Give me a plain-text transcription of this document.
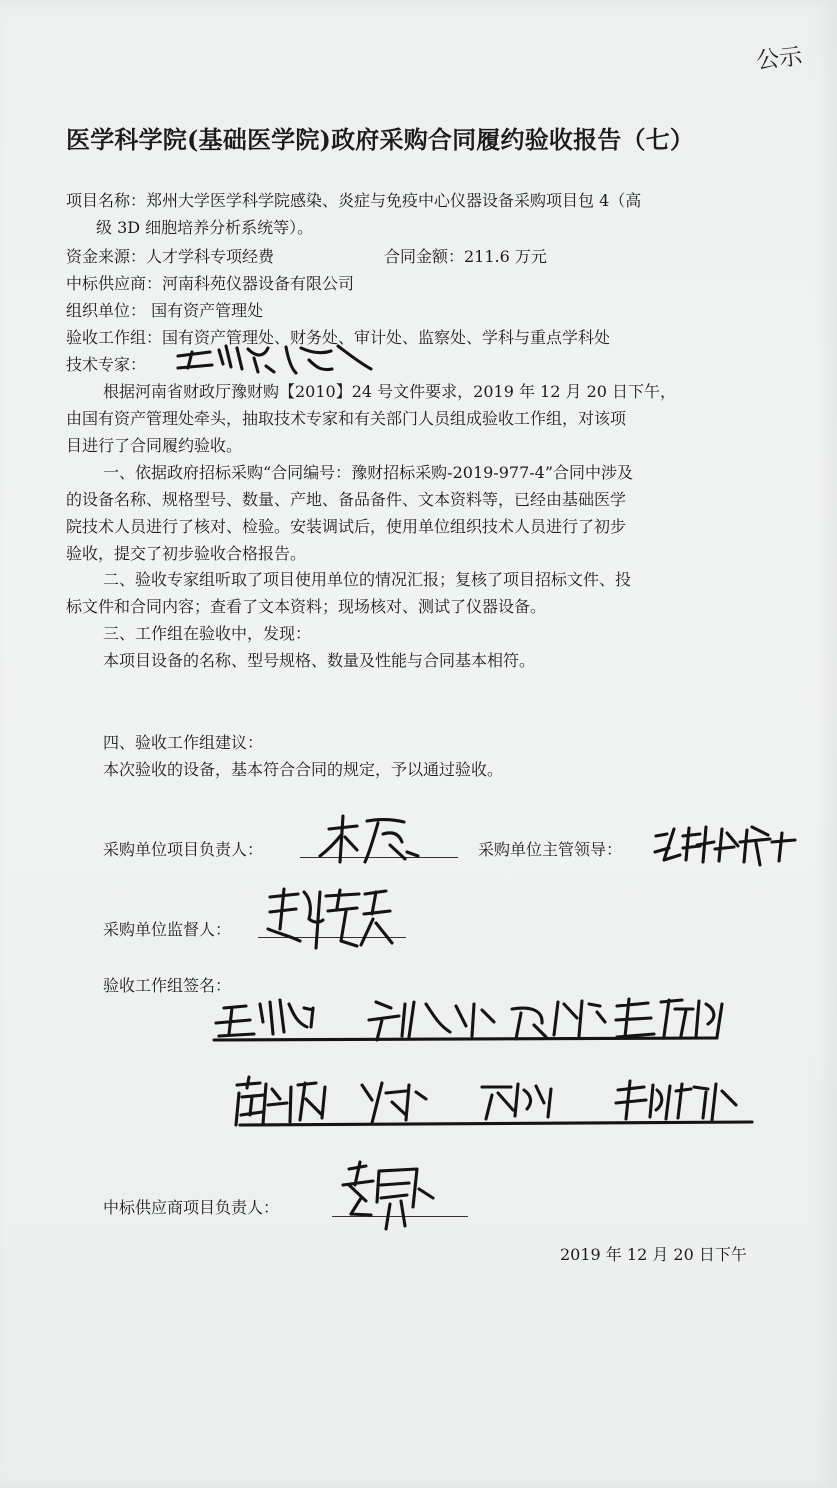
公示
医学科学院(基础医学院)政府采购合同履约验收报告（七）
项目名称：郑州大学医学科学院感染、炎症与免疫中心仪器设备采购项目包 4（高
级 3D 细胞培养分析系统等）。
资金来源：人才学科专项经费	合同金额：211.6 万元
中标供应商：河南科苑仪器设备有限公司
组织单位： 国有资产管理处
验收工作组：国有资产管理处、财务处、审计处、监察处、学科与重点学科处
技术专家：
根据河南省财政厅豫财购【2010】24 号文件要求，2019 年 12 月 20 日下午，
由国有资产管理处牵头，抽取技术专家和有关部门人员组成验收工作组，对该项
目进行了合同履约验收。
一、依据政府招标采购“合同编号：豫财招标采购-2019-977-4”合同中涉及
的设备名称、规格型号、数量、产地、备品备件、文本资料等，已经由基础医学
院技术人员进行了核对、检验。安装调试后，使用单位组织技术人员进行了初步
验收，提交了初步验收合格报告。
二、验收专家组听取了项目使用单位的情况汇报；复核了项目招标文件、投
标文件和合同内容；查看了文本资料；现场核对、测试了仪器设备。
三、工作组在验收中，发现：
本项目设备的名称、型号规格、数量及性能与合同基本相符。
四、验收工作组建议：
本次验收的设备，基本符合合同的规定，予以通过验收。
采购单位项目负责人：	采购单位主管领导：
采购单位监督人：
验收工作组签名：
中标供应商项目负责人：
2019 年 12 月 20 日下午
